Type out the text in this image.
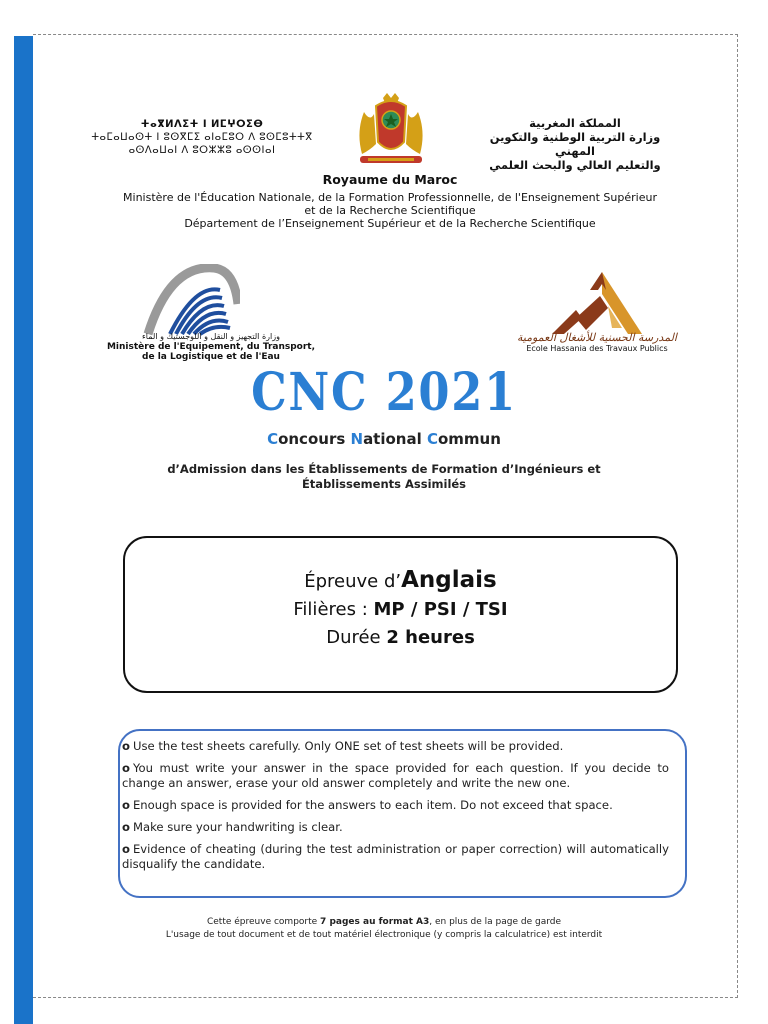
ⵜⴰⴳⵍⴷⵉⵜ ⵏ ⵍⵎⵖⵔⵉⴱ
ⵜⴰⵎⴰⵡⴰⵙⵜ ⵏ ⵓⵙⴳⵎⵉ ⴰⵏⴰⵎⵓⵔ ⴷ ⵓⵙⵎⵓⵜⵜⴳ
ⴰⵙⴷⴰⵡⴰⵏ ⴷ ⵓⵔⵣⵣⵓ ⴰⵙⵙⵏⴰⵏ
المملكة المغربية
وزارة التربية الوطنية والتكوين المهني
والتعليم العالي والبحث العلمي
Royaume du Maroc
Ministère de l'Éducation Nationale, de la Formation Professionnelle, de l'Enseignement Supérieur
et de la Recherche Scientifique
Département de l’Enseignement Supérieur et de la Recherche Scientifique
وزارة التجهيز و النقل و اللوجستيك و الماء
Ministère de l'Equipement, du Transport,
de la Logistique et de l'Eau
المدرسة الحسنية للأشغال العمومية
Ecole Hassania des Travaux Publics
CNC 2021
Concours National Commun
d’Admission dans les Établissements de Formation d’Ingénieurs et
Établissements Assimilés
Épreuve d’Anglais
Filières : MP / PSI / TSI
Durée 2 heures
o Use the test sheets carefully. Only ONE set of test sheets will be provided.
o You must write your answer in the space provided for each question. If you decide to change an answer, erase your old answer completely and write the new one.
o Enough space is provided for the answers to each item. Do not exceed that space.
o Make sure your handwriting is clear.
o Evidence of cheating (during the test administration or paper correction) will automatically disqualify the candidate.
Cette épreuve comporte 7 pages au format A3, en plus de la page de garde
L'usage de tout document et de tout matériel électronique (y compris la calculatrice) est interdit
